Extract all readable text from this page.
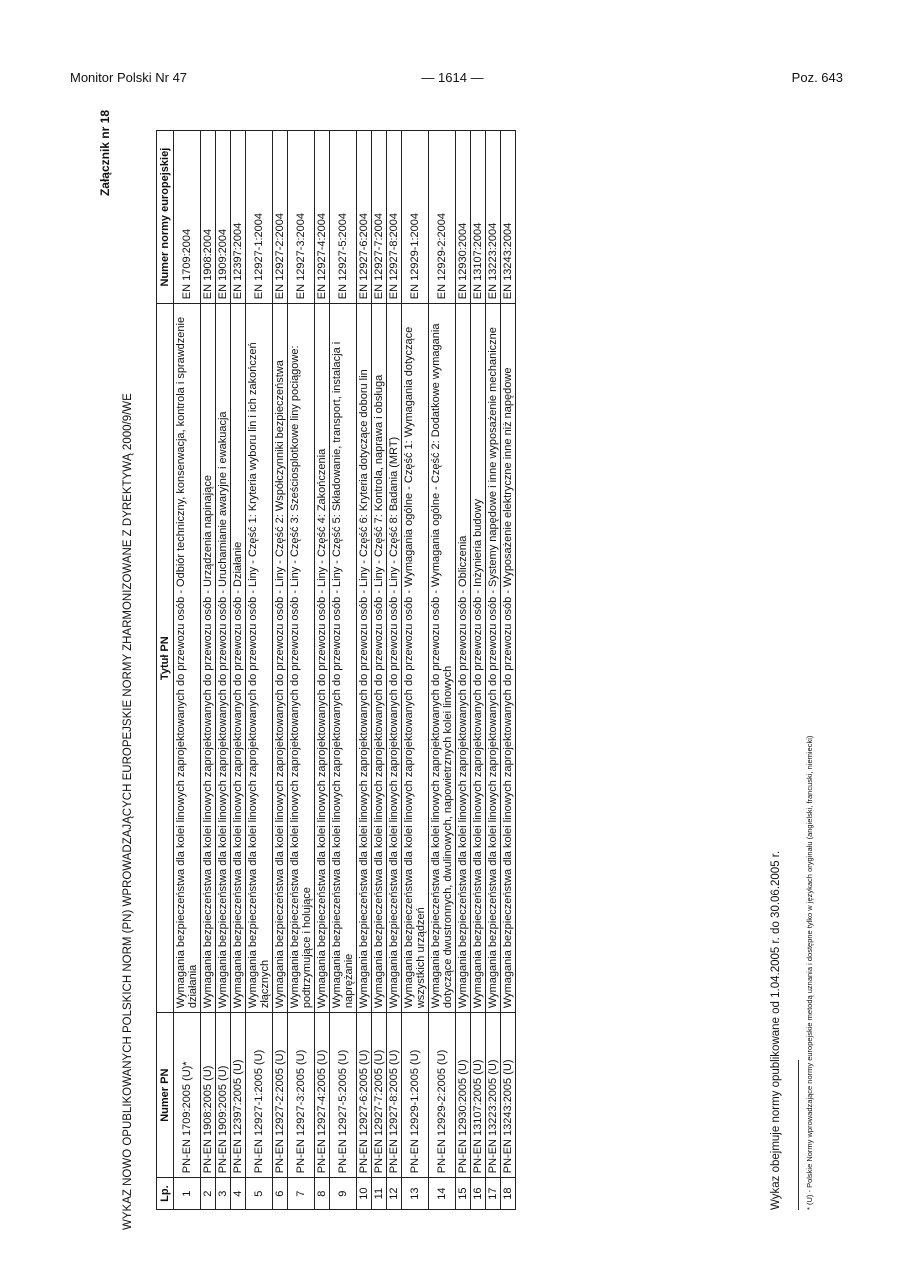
— 1614 —
Monitor Polski Nr 47	Poz. 643
Załącznik nr 18
WYKAZ NOWO OPUBLIKOWANYCH POLSKICH NORM (PN) WPROWADZAJĄCYCH EUROPEJSKIE NORMY ZHARMONIZOWANE Z DYREKTYWĄ 2000/9/WE Lp.	Numer PN	Tytuł PN	Numer normy europejskiej
1	PN-EN 1709:2005 (U)*	Wymagania bezpieczeństwa dla kolei linowych zaprojektowanych do przewozu osób - Odbiór techniczny, konserwacja, kontrola i sprawdzenie działania	EN 1709:2004
2	PN-EN 1908:2005 (U)	Wymagania bezpieczeństwa dla kolei linowych zaprojektowanych do przewozu osób - Urządzenia napinające	EN 1908:2004
3	PN-EN 1909:2005 (U)	Wymagania bezpieczeństwa dla kolei linowych zaprojektowanych do przewozu osób - Uruchamianie awaryjne i ewakuacja	EN 1909:2004
4	PN-EN 12397:2005 (U)	Wymagania bezpieczeństwa dla kolei linowych zaprojektowanych do przewozu osób - Działanie	EN 12397:2004
5	PN-EN 12927-1:2005 (U)	Wymagania bezpieczeństwa dla kolei linowych zaprojektowanych do przewozu osób - Liny - Część 1: Kryteria wyboru lin i ich zakończeń złącznych	EN 12927-1:2004
6	PN-EN 12927-2:2005 (U)	Wymagania bezpieczeństwa dla kolei linowych zaprojektowanych do przewozu osób - Liny - Część 2: Współczynniki bezpieczeństwa	EN 12927-2:2004
7	PN-EN 12927-3:2005 (U)	Wymagania bezpieczeństwa dla kolei linowych zaprojektowanych do przewozu osób - Liny - Część 3: Sześciosplotkowe liny pociągowe: podtrzymujące i holujące	EN 12927-3:2004
8	PN-EN 12927-4:2005 (U)	Wymagania bezpieczeństwa dla kolei linowych zaprojektowanych do przewozu osób - Liny - Część 4: Zakończenia	EN 12927-4:2004
9	PN-EN 12927-5:2005 (U)	Wymagania bezpieczeństwa dla kolei linowych zaprojektowanych do przewozu osób - Liny - Część 5: Składowanie, transport, instalacja i naprężanie	EN 12927-5:2004
10	PN-EN 12927-6:2005 (U)	Wymagania bezpieczeństwa dla kolei linowych zaprojektowanych do przewozu osób - Liny - Część 6: Kryteria dotyczące doboru lin	EN 12927-6:2004
11	PN-EN 12927-7:2005 (U)	Wymagania bezpieczeństwa dla kolei linowych zaprojektowanych do przewozu osób - Liny - Część 7: Kontrola, naprawa i obsługa	EN 12927-7:2004
12	PN-EN 12927-8:2005 (U)	Wymagania bezpieczeństwa dla kolei linowych zaprojektowanych do przewozu osób - Liny - Część 8: Badania (MRT)	EN 12927-8:2004
13	PN-EN 12929-1:2005 (U)	Wymagania bezpieczeństwa dla kolei linowych zaprojektowanych do przewozu osób - Wymagania ogólne - Część 1: Wymagania dotyczące wszystkich urządzeń	EN 12929-1:2004
14	PN-EN 12929-2:2005 (U)	Wymagania bezpieczeństwa dla kolei linowych zaprojektowanych do przewozu osób - Wymagania ogólne - Część 2: Dodatkowe wymagania dotyczące dwustronnych, dwulinowych, napowietrznych kolei linowych	EN 12929-2:2004
15	PN-EN 12930:2005 (U)	Wymagania bezpieczeństwa dla kolei linowych zaprojektowanych do przewozu osób - Obliczenia	EN 12930:2004
16	PN-EN 13107:2005 (U)	Wymagania bezpieczeństwa dla kolei linowych zaprojektowanych do przewozu osób - Inżynieria budowy	EN 13107:2004
17	PN-EN 13223:2005 (U)	Wymagania bezpieczeństwa dla kolei linowych zaprojektowanych do przewozu osób - Systemy napędowe i inne wyposażenie mechaniczne	EN 13223:2004
18	PN-EN 13243:2005 (U)	Wymagania bezpieczeństwa dla kolei linowych zaprojektowanych do przewozu osób - Wyposażenie elektryczne inne niż napędowe	EN 13243:2004
Wykaz obejmuje normy opublikowane od 1.04.2005 r. do 30.06.2005 r.	* (U) - Polskie Normy wprowadzające normy europejskie metodą uznania i dostępne tylko w językach oryginału (angielski, francuski, niemiecki)
